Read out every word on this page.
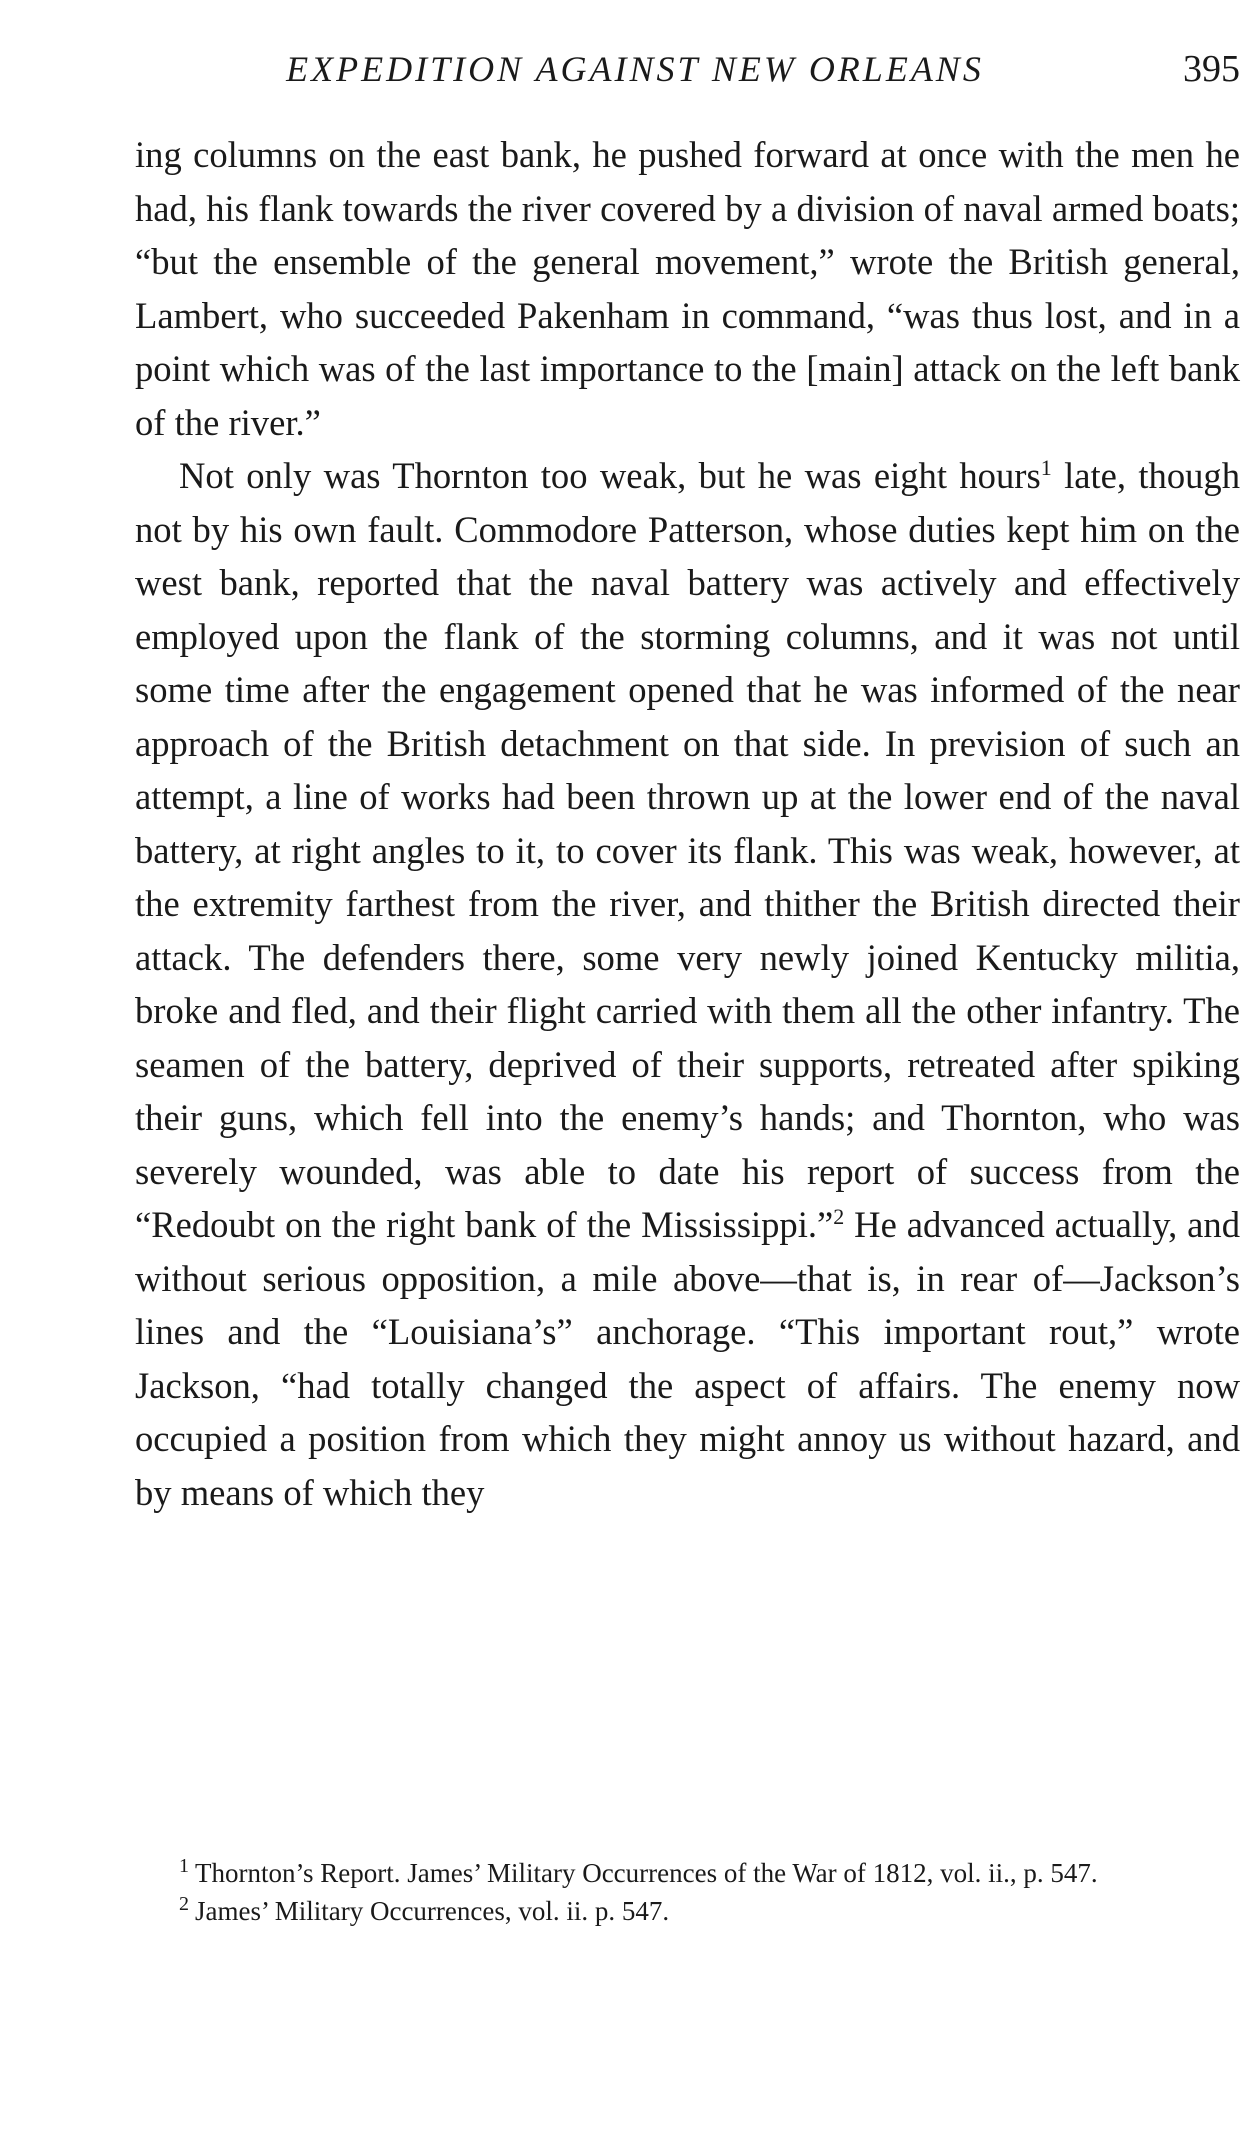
EXPEDITION AGAINST NEW ORLEANS	395

ing columns on the east bank, he pushed forward at once with the men he had, his flank towards the river covered by a division of naval armed boats; “but the ensemble of the general movement,” wrote the British general, Lambert, who succeeded Pakenham in command, “was thus lost, and in a point which was of the last importance to the [main] attack on the left bank of the river.”

Not only was Thornton too weak, but he was eight hours$^1$ late, though not by his own fault. Commodore Patterson, whose duties kept him on the west bank, reported that the naval battery was actively and effectively employed upon the flank of the storming columns, and it was not until some time after the engagement opened that he was informed of the near approach of the British detachment on that side. In prevision of such an attempt, a line of works had been thrown up at the lower end of the naval battery, at right angles to it, to cover its flank. This was weak, however, at the extremity farthest from the river, and thither the British directed their attack. The defenders there, some very newly joined Kentucky militia, broke and fled, and their flight carried with them all the other infantry. The seamen of the battery, deprived of their supports, retreated after spiking their guns, which fell into the enemy’s hands; and Thornton, who was severely wounded, was able to date his report of success from the “Redoubt on the right bank of the Mississippi.”$^2$ He advanced actually, and without serious opposition, a mile above—that is, in rear of—Jackson’s lines and the “Louisiana’s” anchorage. “This important rout,” wrote Jackson, “had totally changed the aspect of affairs. The enemy now occupied a position from which they might annoy us without hazard, and by means of which they

$^1$ Thornton’s Report. James’ Military Occurrences of the War of 1812, vol. ii., p. 547.

$^2$ James’ Military Occurrences, vol. ii. p. 547.
